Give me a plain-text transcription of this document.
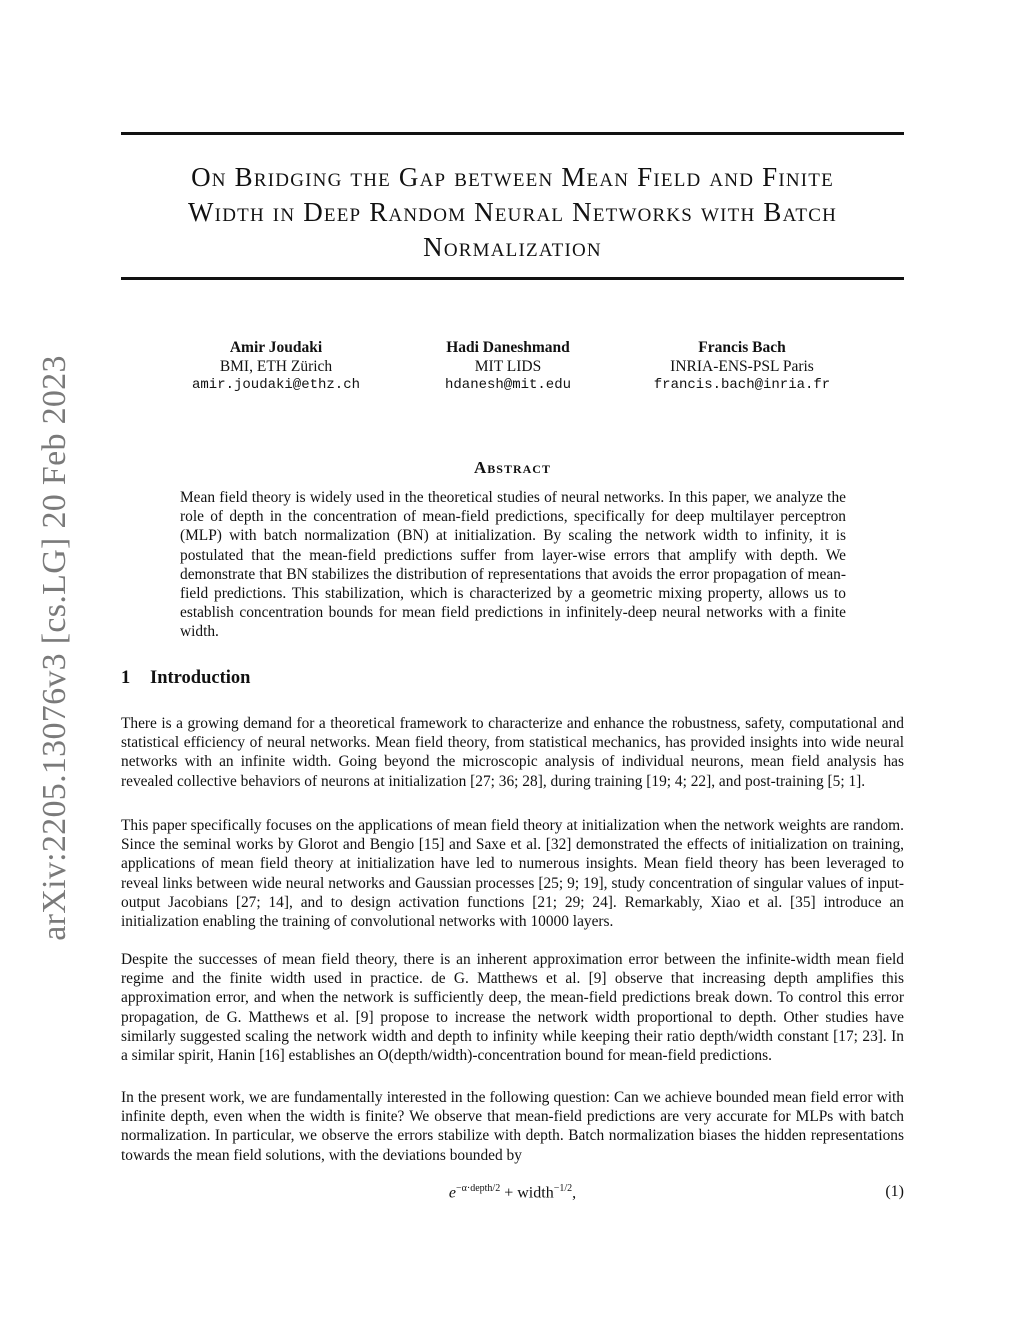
arXiv:2205.13076v3 [cs.LG] 20 Feb 2023
On Bridging the Gap between Mean Field and Finite
Width in Deep Random Neural Networks with Batch
Normalization
Amir Joudaki
BMI, ETH Zürich
amir.joudaki@ethz.ch
Hadi Daneshmand
MIT LIDS
hdanesh@mit.edu
Francis Bach
INRIA-ENS-PSL Paris
francis.bach@inria.fr
Abstract

Mean field theory is widely used in the theoretical studies of neural networks. In this paper, we analyze the role of depth in the concentration of mean-field predictions, specifically for deep multilayer perceptron (MLP) with batch normalization (BN) at initialization. By scaling the network width to infinity, it is postulated that the mean-field predictions suffer from layer-wise errors that amplify with depth. We demonstrate that BN stabilizes the distribution of representations that avoids the error propagation of mean-field predictions. This stabilization, which is characterized by a geometric mixing property, allows us to establish concentration bounds for mean field predictions in infinitely-deep neural networks with a finite width.

1 Introduction

There is a growing demand for a theoretical framework to characterize and enhance the robustness, safety, computational and statistical efficiency of neural networks. Mean field theory, from statistical mechanics, has provided insights into wide neural networks with an infinite width. Going beyond the microscopic analysis of individual neurons, mean field analysis has revealed collective behaviors of neurons at initialization [27; 36; 28], during training [19; 4; 22], and post-training [5; 1].

This paper specifically focuses on the applications of mean field theory at initialization when the network weights are random. Since the seminal works by Glorot and Bengio [15] and Saxe et al. [32] demonstrated the effects of initialization on training, applications of mean field theory at initialization have led to numerous insights. Mean field theory has been leveraged to reveal links between wide neural networks and Gaussian processes [25; 9; 19], study concentration of singular values of input-output Jacobians [27; 14], and to design activation functions [21; 29; 24]. Remarkably, Xiao et al. [35] introduce an initialization enabling the training of convolutional networks with 10000 layers.

Despite the successes of mean field theory, there is an inherent approximation error between the infinite-width mean field regime and the finite width used in practice. de G. Matthews et al. [9] observe that increasing depth amplifies this approximation error, and when the network is sufficiently deep, the mean-field predictions break down. To control this error propagation, de G. Matthews et al. [9] propose to increase the network width proportional to depth. Other studies have similarly suggested scaling the network width and depth to infinity while keeping their ratio depth/width constant [17; 23]. In a similar spirit, Hanin [16] establishes an O(depth/width)-concentration bound for mean-field predictions.

In the present work, we are fundamentally interested in the following question: Can we achieve bounded mean field error with infinite depth, even when the width is finite? We observe that mean-field predictions are very accurate for MLPs with batch normalization. In particular, we observe the errors stabilize with depth. Batch normalization biases the hidden representations towards the mean field solutions, with the deviations bounded by

$e^{-\alpha\cdot depth/2}$ + width$^{-1/2}$,	(1)
